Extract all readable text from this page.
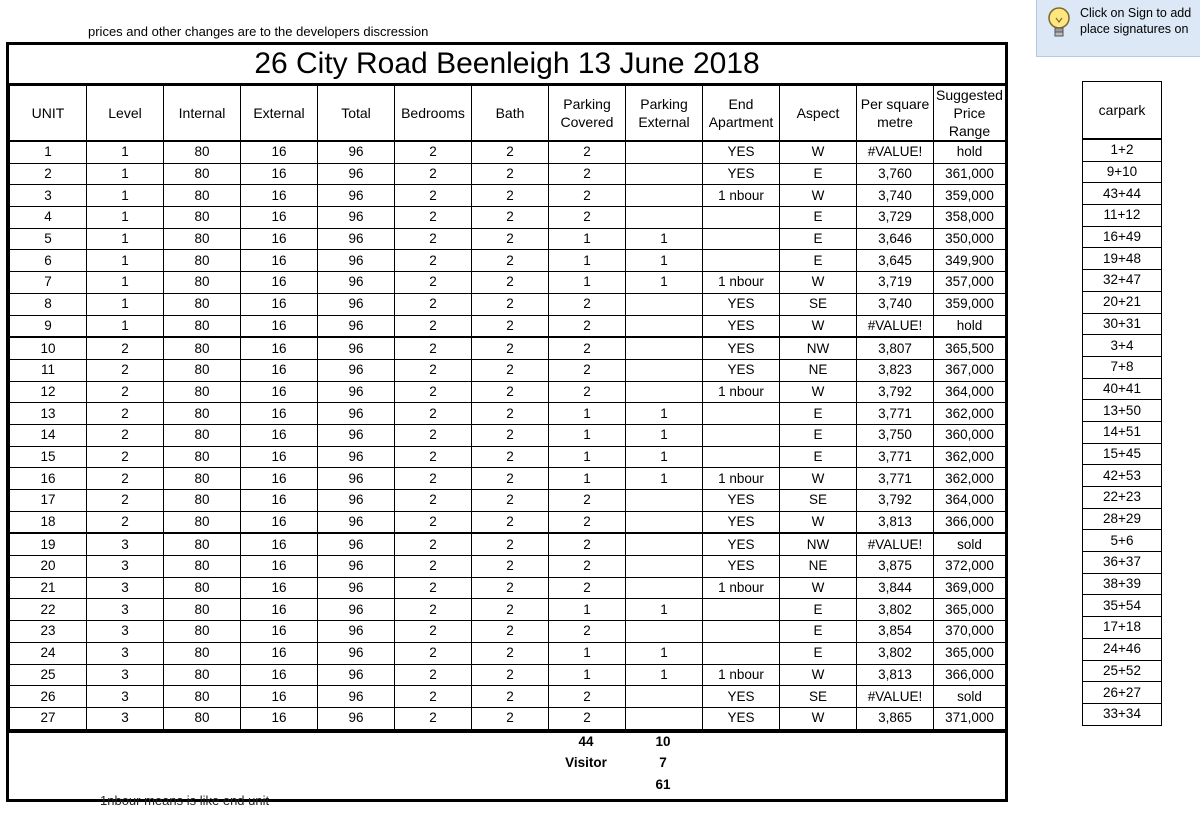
prices and other changes are to the developers discression
26 City Road Beenleigh 13 June 2018
UNIT	Level	Internal	External	Total	Bedrooms	Bath	Parking Covered	Parking External	End Apartment	Aspect	Per square metre	Suggested Price Range
1	1	80	16	96	2	2	2		YES	W	#VALUE!	hold
2	1	80	16	96	2	2	2		YES	E	3,760	361,000
3	1	80	16	96	2	2	2		1 nbour	W	3,740	359,000
4	1	80	16	96	2	2	2			E	3,729	358,000
5	1	80	16	96	2	2	1	1		E	3,646	350,000
6	1	80	16	96	2	2	1	1		E	3,645	349,900
7	1	80	16	96	2	2	1	1	1 nbour	W	3,719	357,000
8	1	80	16	96	2	2	2		YES	SE	3,740	359,000
9	1	80	16	96	2	2	2		YES	W	#VALUE!	hold
10	2	80	16	96	2	2	2		YES	NW	3,807	365,500
11	2	80	16	96	2	2	2		YES	NE	3,823	367,000
12	2	80	16	96	2	2	2		1 nbour	W	3,792	364,000
13	2	80	16	96	2	2	1	1		E	3,771	362,000
14	2	80	16	96	2	2	1	1		E	3,750	360,000
15	2	80	16	96	2	2	1	1		E	3,771	362,000
16	2	80	16	96	2	2	1	1	1 nbour	W	3,771	362,000
17	2	80	16	96	2	2	2		YES	SE	3,792	364,000
18	2	80	16	96	2	2	2		YES	W	3,813	366,000
19	3	80	16	96	2	2	2		YES	NW	#VALUE!	sold
20	3	80	16	96	2	2	2		YES	NE	3,875	372,000
21	3	80	16	96	2	2	2		1 nbour	W	3,844	369,000
22	3	80	16	96	2	2	1	1		E	3,802	365,000
23	3	80	16	96	2	2	2			E	3,854	370,000
24	3	80	16	96	2	2	1	1		E	3,802	365,000
25	3	80	16	96	2	2	1	1	1 nbour	W	3,813	366,000
26	3	80	16	96	2	2	2		YES	SE	#VALUE!	sold
27	3	80	16	96	2	2	2		YES	W	3,865	371,000
44	10
Visitor	7
61
carpark
1+2
9+10
43+44
11+12
16+49
19+48
32+47
20+21
30+31
3+4
7+8
40+41
13+50
14+51
15+45
42+53
22+23
28+29
5+6
36+37
38+39
35+54
17+18
24+46
25+52
26+27
33+34
1nbour means is like end unit
Click on Sign to add
place signatures on
